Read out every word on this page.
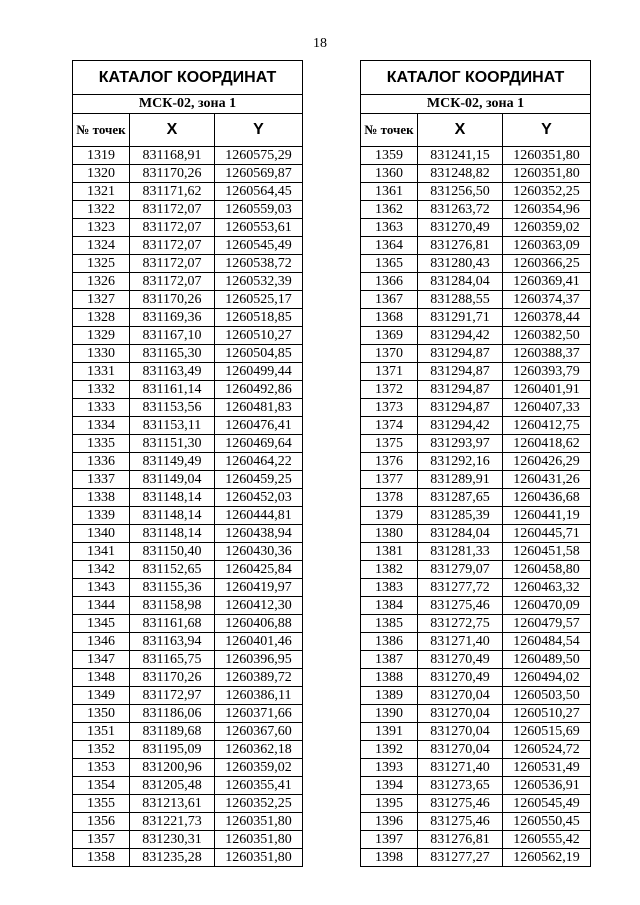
18
КАТАЛОГ КООРДИНАТ		
МСК-02, зона 1		
№ точек	X	Y
1319	831168,91	1260575,29
1320	831170,26	1260569,87
1321	831171,62	1260564,45
1322	831172,07	1260559,03
1323	831172,07	1260553,61
1324	831172,07	1260545,49
1325	831172,07	1260538,72
1326	831172,07	1260532,39
1327	831170,26	1260525,17
1328	831169,36	1260518,85
1329	831167,10	1260510,27
1330	831165,30	1260504,85
1331	831163,49	1260499,44
1332	831161,14	1260492,86
1333	831153,56	1260481,83
1334	831153,11	1260476,41
1335	831151,30	1260469,64
1336	831149,49	1260464,22
1337	831149,04	1260459,25
1338	831148,14	1260452,03
1339	831148,14	1260444,81
1340	831148,14	1260438,94
1341	831150,40	1260430,36
1342	831152,65	1260425,84
1343	831155,36	1260419,97
1344	831158,98	1260412,30
1345	831161,68	1260406,88
1346	831163,94	1260401,46
1347	831165,75	1260396,95
1348	831170,26	1260389,72
1349	831172,97	1260386,11
1350	831186,06	1260371,66
1351	831189,68	1260367,60
1352	831195,09	1260362,18
1353	831200,96	1260359,02
1354	831205,48	1260355,41
1355	831213,61	1260352,25
1356	831221,73	1260351,80
1357	831230,31	1260351,80
1358	831235,28	1260351,80
КАТАЛОГ КООРДИНАТ		
МСК-02, зона 1		
№ точек	X	Y
1359	831241,15	1260351,80
1360	831248,82	1260351,80
1361	831256,50	1260352,25
1362	831263,72	1260354,96
1363	831270,49	1260359,02
1364	831276,81	1260363,09
1365	831280,43	1260366,25
1366	831284,04	1260369,41
1367	831288,55	1260374,37
1368	831291,71	1260378,44
1369	831294,42	1260382,50
1370	831294,87	1260388,37
1371	831294,87	1260393,79
1372	831294,87	1260401,91
1373	831294,87	1260407,33
1374	831294,42	1260412,75
1375	831293,97	1260418,62
1376	831292,16	1260426,29
1377	831289,91	1260431,26
1378	831287,65	1260436,68
1379	831285,39	1260441,19
1380	831284,04	1260445,71
1381	831281,33	1260451,58
1382	831279,07	1260458,80
1383	831277,72	1260463,32
1384	831275,46	1260470,09
1385	831272,75	1260479,57
1386	831271,40	1260484,54
1387	831270,49	1260489,50
1388	831270,49	1260494,02
1389	831270,04	1260503,50
1390	831270,04	1260510,27
1391	831270,04	1260515,69
1392	831270,04	1260524,72
1393	831271,40	1260531,49
1394	831273,65	1260536,91
1395	831275,46	1260545,49
1396	831275,46	1260550,45
1397	831276,81	1260555,42
1398	831277,27	1260562,19
